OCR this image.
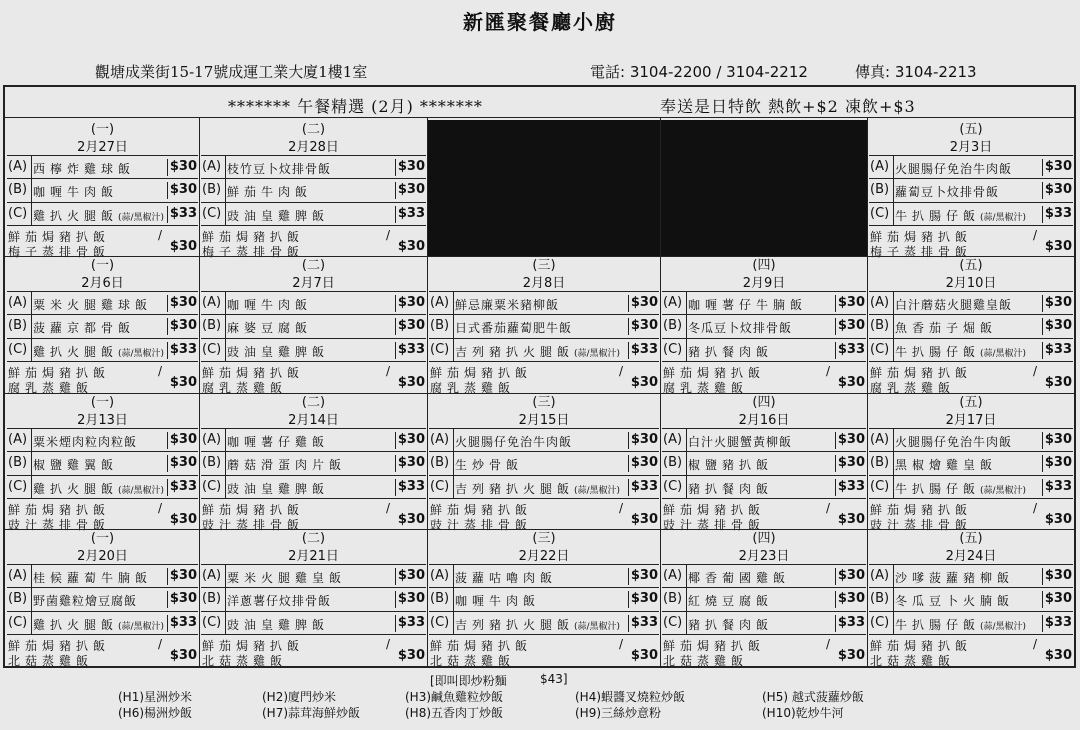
新匯聚餐廳小廚
觀塘成業街15-17號成運工業大廈1樓1室	電話: 3104-2200 / 3104-2212	傳真: 3104-2213
******* 午餐精選 (2月) *******	奉送是日特飲 熱飲+$2 凍飲+$3
(一)
2月27日
(A) 西檸炸雞球飯	$30
(B) 咖喱牛肉飯	$30
(C) 雞扒火腿飯(蒜/黑椒汁) $33
鮮茄焗豬扒飯	/
梅子蒸排骨飯	$30
(二)
2月28日
(A) 枝竹豆卜炆排骨飯	$30
(B) 鮮茄牛肉飯	$30
(C) 豉油皇雞脾飯	$33
鮮茄焗豬扒飯	/
梅子蒸排骨飯	$30
(五)
2月3日
(A) 火腿腸仔免治牛肉飯	$30
(B) 蘿蔔豆卜炆排骨飯	$30
(C) 牛扒腸仔飯(蒜/黑椒汁)	$33
鮮茄焗豬扒飯	/
梅子蒸排骨飯	$30
(一)
2月6日
(A) 粟米火腿雞球飯	$30
(B) 菠蘿京都骨飯	$30
(C) 雞扒火腿飯(蒜/黑椒汁) $33
鮮茄焗豬扒飯	/
腐乳蒸雞飯	$30
(二)
2月7日
(A) 咖喱牛肉飯	$30
(B) 麻婆豆腐飯	$30
(C) 豉油皇雞脾飯	$33
鮮茄焗豬扒飯	/
腐乳蒸雞飯	$30
(三)
2月8日
(A) 鮮忌廉粟米豬柳飯	$30
(B) 日式番茄蘿蔔肥牛飯	$30
(C) 吉列豬扒火腿飯(蒜/黑椒汁) $33
鮮茄焗豬扒飯	/
腐乳蒸雞飯	$30
(四)
2月9日
(A) 咖喱薯仔牛腩飯	$30
(B) 冬瓜豆卜炆排骨飯	$30
(C) 豬扒餐肉飯	$33
鮮茄焗豬扒飯	/
腐乳蒸雞飯	$30
(五)
2月10日
(A) 白汁蘑菇火腿雞皇飯	$30
(B) 魚香茄子煀飯	$30
(C) 牛扒腸仔飯(蒜/黑椒汁)	$33
鮮茄焗豬扒飯	/
腐乳蒸雞飯	$30
(一)
2月13日
(A) 粟米煙肉粒肉粒飯	$30
(B) 椒鹽雞翼飯	$30
(C) 雞扒火腿飯(蒜/黑椒汁) $33
鮮茄焗豬扒飯	/
豉汁蒸排骨飯	$30
(二)
2月14日
(A) 咖喱薯仔雞飯	$30
(B) 蘑菇滑蛋肉片飯	$30
(C) 豉油皇雞脾飯	$33
鮮茄焗豬扒飯	/
豉汁蒸排骨飯	$30
(三)
2月15日
(A) 火腿腸仔免治牛肉飯	$30
(B) 生炒骨飯	$30
(C) 吉列豬扒火腿飯(蒜/黑椒汁) $33
鮮茄焗豬扒飯	/
豉汁蒸排骨飯	$30
(四)
2月16日
(A) 白汁火腿蟹黃柳飯	$30
(B) 椒鹽豬扒飯	$30
(C) 豬扒餐肉飯	$33
鮮茄焗豬扒飯	/
豉汁蒸排骨飯	$30
(五)
2月17日
(A) 火腿腸仔免治牛肉飯	$30
(B) 黑椒燴雞皇飯	$30
(C) 牛扒腸仔飯(蒜/黑椒汁)	$33
鮮茄焗豬扒飯	/
豉汁蒸排骨飯	$30
(一)
2月20日
(A) 桂候蘿蔔牛腩飯	$30
(B) 野菌雞粒燴豆腐飯	$30
(C) 雞扒火腿飯(蒜/黑椒汁) $33
鮮茄焗豬扒飯	/
北菇蒸雞飯	$30
(二)
2月21日
(A) 粟米火腿雞皇飯	$30
(B) 洋蔥薯仔炆排骨飯	$30
(C) 豉油皇雞脾飯	$33
鮮茄焗豬扒飯	/
北菇蒸雞飯	$30
(三)
2月22日
(A) 菠蘿咕嚕肉飯	$30
(B) 咖喱牛肉飯	$30
(C) 吉列豬扒火腿飯(蒜/黑椒汁) $33
鮮茄焗豬扒飯	/
北菇蒸雞飯	$30
(四)
2月23日
(A) 椰香葡國雞飯	$30
(B) 紅燒豆腐飯	$30
(C) 豬扒餐肉飯	$33
鮮茄焗豬扒飯	/
北菇蒸雞飯	$30
(五)
2月24日
(A) 沙嗲菠蘿豬柳飯	$30
(B) 冬瓜豆卜火腩飯	$30
(C) 牛扒腸仔飯(蒜/黑椒汁)	$33
鮮茄焗豬扒飯	/
北菇蒸雞飯	$30
[即叫即炒粉麵	$43]
(H1)星洲炒米	(H2)廈門炒米	(H3)鹹魚雞粒炒飯	(H4)蝦醬叉燒粒炒飯	(H5) 越式菠蘿炒飯
(H6)楊洲炒飯	(H7)蒜茸海鮮炒飯	(H8)五香肉丁炒飯	(H9)三絲炒意粉	(H10)乾炒牛河
